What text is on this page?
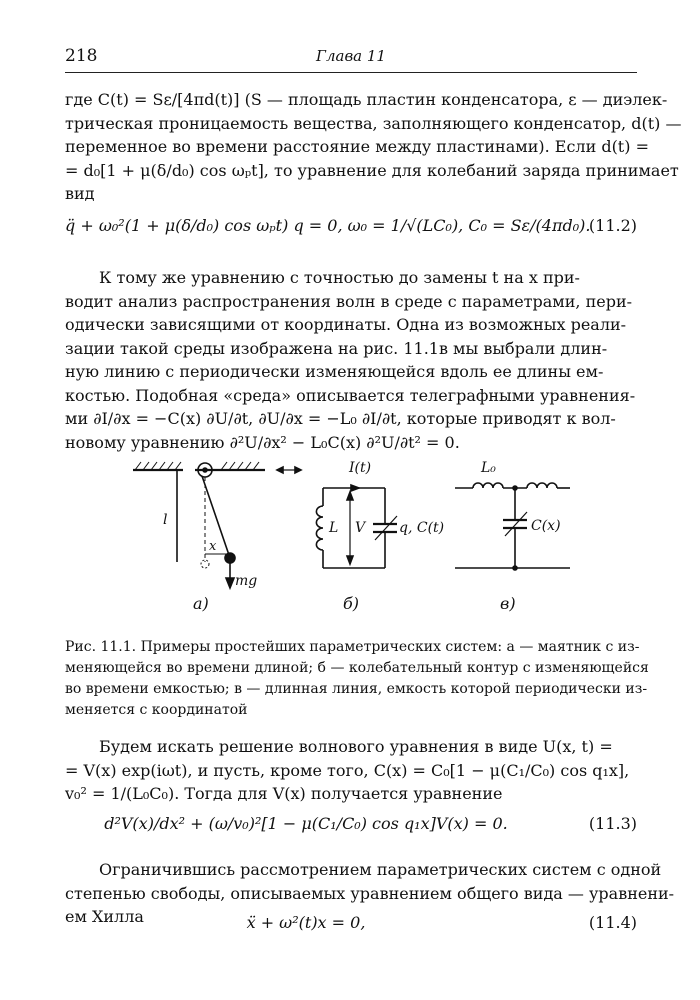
218	Глава 11
где C(t) = Sε/[4πd(t)] (S — площадь пластин конденсатора, ε — диэлек-
трическая проницаемость вещества, заполняющего конденсатор, d(t) —
переменное во времени расстояние между пластинами). Если d(t) =
= d₀[1 + μ(δ/d₀) cos ωₚt], то уравнение для колебаний заряда принимает
вид
q̈ + ω₀²(1 + μ(δ/d₀) cos ωₚt) q = 0, ω₀ = 1/√(LC₀), C₀ = Sε/(4πd₀).
(11.2)
К тому же уравнению с точностью до замены t на x при-
водит анализ распространения волн в среде с параметрами, пери-
одически зависящими от координаты. Одна из возможных реали-
зации такой среды изображена на рис. 11.1в мы выбрали длин-
ную линию с периодически изменяющейся вдоль ее длины ем-
костью. Подобная «среда» описывается телеграфными уравнения-
ми ∂I/∂x = −C(x) ∂U/∂t, ∂U/∂x = −L₀ ∂I/∂t, которые приводят к вол-
новому уравнению ∂²U/∂x² − L₀C(x) ∂²U/∂t² = 0.
l
x
mg
I(t)
L V q, C(t)
L₀
C(x)
а)	б)	в)
Рис. 11.1. Примеры простейших параметрических систем: а — маятник с из-
меняющейся во времени длиной; б — колебательный контур с изменяющейся
во времени емкостью; в — длинная линия, емкость которой периодически из-
меняется с координатой
Будем искать решение волнового уравнения в виде U(x, t) =
= V(x) exp(iωt), и пусть, кроме того, C(x) = C₀[1 − μ(C₁/C₀) cos q₁x],
v₀² = 1/(L₀C₀). Тогда для V(x) получается уравнение
d²V(x)/dx² + (ω/v₀)²[1 − μ(C₁/C₀) cos q₁x]V(x) = 0.	(11.3)
Ограничившись рассмотрением параметрических систем с одной
степенью свободы, описываемых уравнением общего вида — уравнени-
ем Хилла	ẍ + ω²(t)x = 0,	(11.4)
